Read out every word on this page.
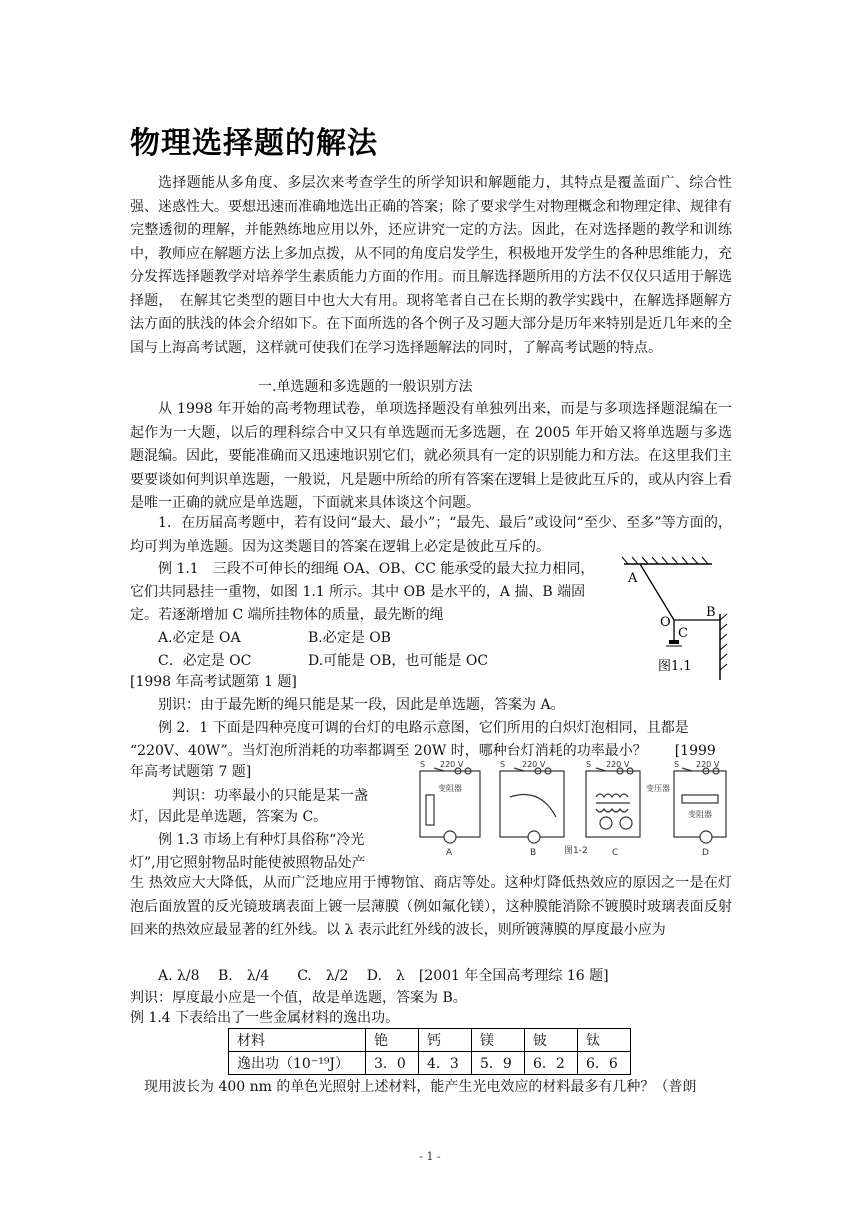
物理选择题的解法

选择题能从多角度、多层次来考查学生的所学知识和解题能力，其特点是覆盖面广、综合性强、迷惑性大。要想迅速而准确地选出正确的答案；除了要求学生对物理概念和物理定律、规律有完整透彻的理解，并能熟练地应用以外，还应讲究一定的方法。因此，在对选择题的教学和训练中，教师应在解题方法上多加点拨，从不同的角度启发学生，积极地开发学生的各种思维能力，充分发挥选择题教学对培养学生素质能力方面的作用。而且解选择题所用的方法不仅仅只适用于解选择题，　在解其它类型的题目中也大大有用。现将笔者自己在长期的教学实践中，在解选择题解方法方面的肤浅的体会介绍如下。在下面所选的各个例子及习题大部分是历年来特别是近几年来的全国与上海高考试题，这样就可使我们在学习选择题解法的同时，了解高考试题的特点。

一.单选题和多选题的一般识别方法

从 1998 年开始的高考物理试卷，单项选择题没有单独列出来，而是与多项选择题混编在一起作为一大题，以后的理科综合中又只有单选题而无多选题，在 2005 年开始又将单选题与多选题混编。因此，要能准确而又迅速地识别它们，就必须具有一定的识别能力和方法。在这里我们主要要谈如何判识单选题，一般说，凡是题中所给的所有答案在逻辑上是彼此互斥的，或从内容上看是唯一正确的就应是单选题，下面就来具体谈这个问题。

1．在历届高考题中，若有设问“最大、最小”；“最先、最后”或设问“至少、至多”等方面的，均可判为单选题。因为这类题目的答案在逻辑上必定是彼此互斥的。

例 1.1　三段不可伸长的细绳 OA、OB、CC 能承受的最大拉力相同，

它们共同悬挂一重物，如图 1.1 所示。其中 OB 是水平的，A 揣、B 端固

定。若逐渐增加 C 端所挂物体的质量，最先断的绳

A.必定是 OA	B.必定是 OB

C．必定是 OC	D.可能是 OB，也可能是 OC

[1998 年高考试题第 1 题]

别识：由于最先断的绳只能是某一段，因此是单选题，答案为 A。

A
B
O
C
图1.1

例 2．1 下面是四种亮度可调的台灯的电路示意图，它们所用的白炽灯泡相同，且都是

“220V、40W”。当灯泡所消耗的功率都调至 20W 时，哪种台灯消耗的功率最小？　　[1999

年高考试题第 7 题]

判识：功率最小的只能是某一盏

灯，因此是单选题，答案为 C。

S 220 V	S 220 V	S 220 V	S 220 V
变压器
变阻器
变阻器
A	B	图1-2	C	D

例 1.3 市场上有种灯具俗称“冷光

灯”,用它照射物品时能使被照物品处产

生 热效应大大降低，从而广泛地应用于博物馆、商店等处。这种灯降低热效应的原因之一是在灯泡后面放置的反光镜玻璃表面上镀一层薄膜（例如氟化镁），这种膜能消除不镀膜时玻璃表面反射回来的热效应最显著的红外线。以 λ 表示此红外线的波长，则所镀薄膜的厚度最小应为

A. λ/8　 B.　λ/4　　C.　λ/2　 D.　λ　[2001 年全国高考理综 16 题]

判识：厚度最小应是一个值，故是单选题，答案为 B。

例 1.4 下表给出了一些金属材料的逸出功。

材料	铯	钙	镁	铍	钛
逸出功（10⁻¹⁹J）	3．0	4．3	5．9	6．2	6．6

现用波长为 400 nm 的单色光照射上述材料，能产生光电效应的材料最多有几种？（普朗

- 1 -
